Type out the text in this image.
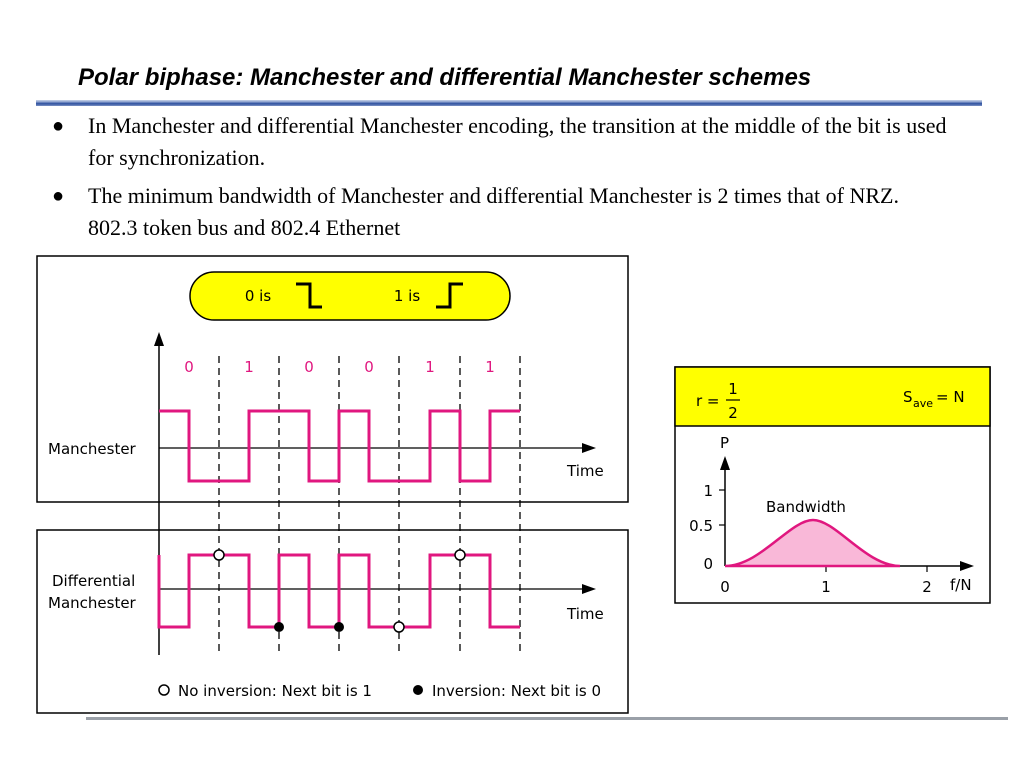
Polar biphase: Manchester and differential Manchester schemes
● In Manchester and differential Manchester encoding, the transition at the middle of the bit is used for synchronization.
● The minimum bandwidth of Manchester and differential Manchester is 2 times that of NRZ. 802.3 token bus and 802.4 Ethernet
0 is	1 is
0	1	0	0	1	1
Manchester
Time
Differential
Manchester
Time
No inversion: Next bit is 1	Inversion: Next bit is 0
r =
1
2
S ave = N
P
f/N
1
0.5
0
0	1	2
Bandwidth
